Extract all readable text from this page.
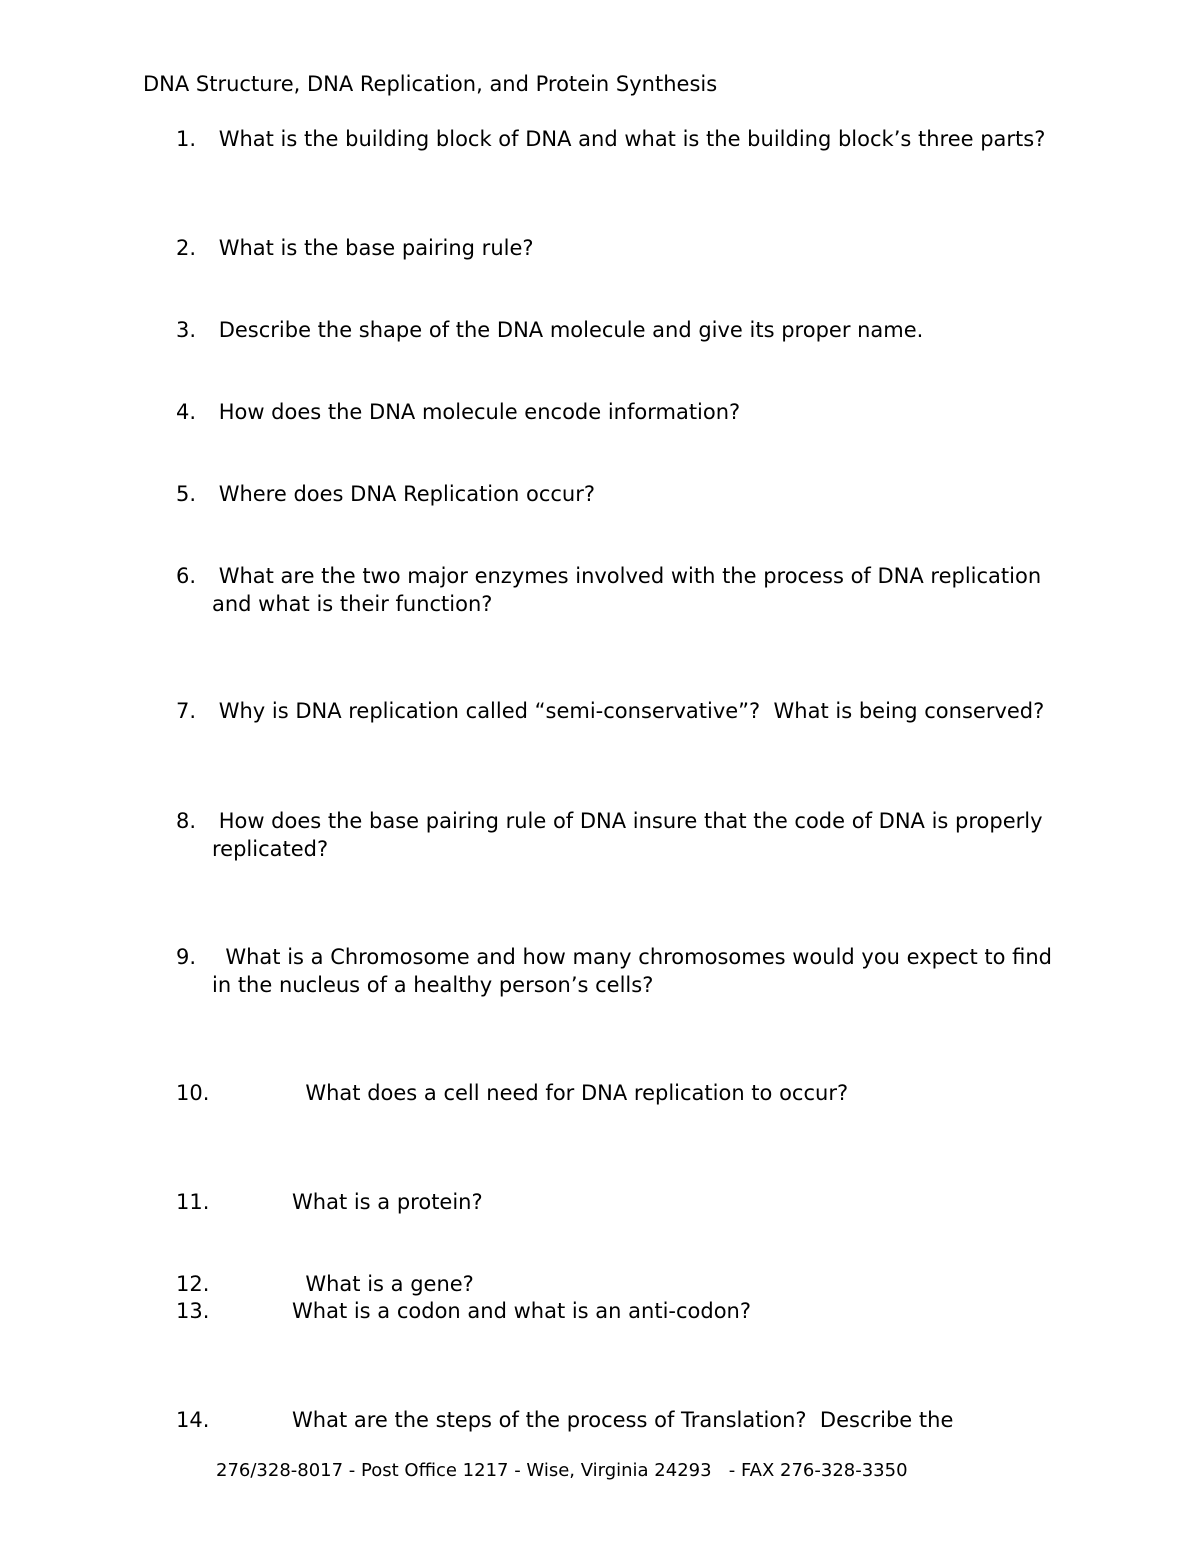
DNA Structure, DNA Replication, and Protein Synthesis
1. What is the building block of DNA and what is the building block’s three parts?
2. What is the base pairing rule?
3. Describe the shape of the DNA molecule and give its proper name.
4. How does the DNA molecule encode information?
5. Where does DNA Replication occur?
6. What are the two major enzymes involved with the process of DNA replication and what is their function?
7. Why is DNA replication called “semi-conservative”?  What is being conserved?
8. How does the base pairing rule of DNA insure that the code of DNA is properly replicated?
9. What is a Chromosome and how many chromosomes would you expect to find in the nucleus of a healthy person’s cells?
10.	What does a cell need for DNA replication to occur?
11.	What is a protein?
12.	What is a gene?
13.	What is a codon and what is an anti-codon?
14.	What are the steps of the process of Translation?  Describe the
276/328-8017 - Post Office 1217 - Wise, Virginia 24293   - FAX 276-328-3350
